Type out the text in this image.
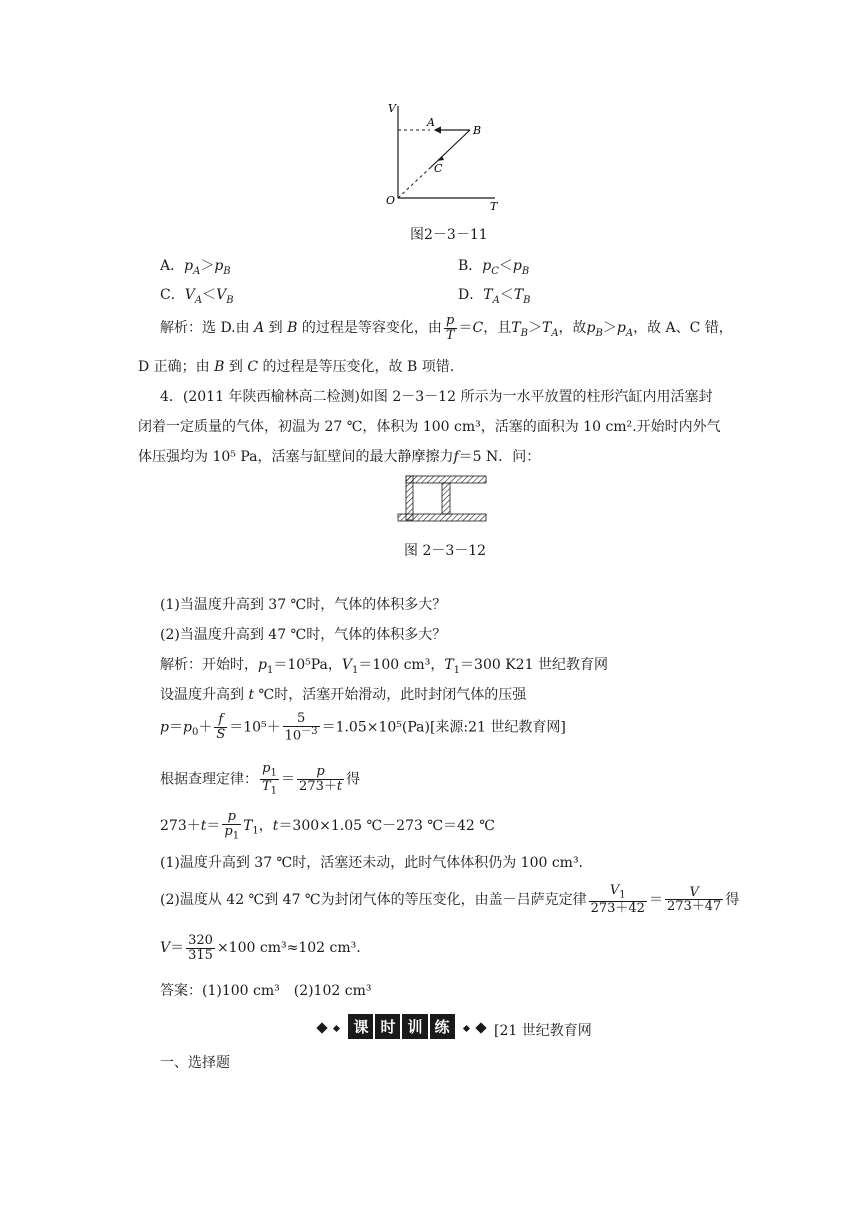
V
T
O
A
B
C
图2－3－11
A．$p_A>p_B$	B．$p_C<p_B$
C．$V_A<V_B$	D．$T_A<T_B$
解析：选 D.由 A 到 B 的过程是等容变化，由 $\frac{p}{T} =C$，且$T_B>T_A$，故$p_B>p_A$，故 A、C 错，
D 正确；由 B 到 C 的过程是等压变化，故 B 项错.
4．(2011 年陕西榆林高二检测)如图 2－3－12 所示为一水平放置的柱形汽缸内用活塞封
闭着一定质量的气体，初温为 27 ℃，体积为 100 cm³，活塞的面积为 10 cm².开始时内外气
体压强均为 10⁵ Pa，活塞与缸壁间的最大静摩擦力f＝5 N．问：
图 2－3－12
(1)当温度升高到 37 ℃时，气体的体积多大？
(2)当温度升高到 47 ℃时，气体的体积多大？
解析：开始时，$p_1=10^5Pa$，$V_1=100$ cm³，$T_1=300$ K21 世纪教育网
设温度升高到 t ℃时，活塞开始滑动，此时封闭气体的压强
$p=p_0+ \frac{f}{S} =10^5+ \frac{5}{10^{-3}} =1.05\times 10^5(Pa)$[来源:21 世纪教育网]
根据查理定律： $\frac{p_1}{T_1} = \frac{p}{273+t}$ 得
$273+t= \frac{p}{p_1} T_1$，t＝300×1.05 ℃－273 ℃＝42 ℃
(1)温度升高到 37 ℃时，活塞还未动，此时气体体积仍为 100 cm³.
(2)温度从 42 ℃到 47 ℃为封闭气体的等压变化，由盖－吕萨克定律 $\frac{V_1}{273+42} = \frac{V}{273+47}$ 得
$V= \frac{320}{315} \times 100$ cm³≈102 cm³.
答案：(1)100 cm³　(2)102 cm³
课 时 训 练	[21 世纪教育网
一、选择题
